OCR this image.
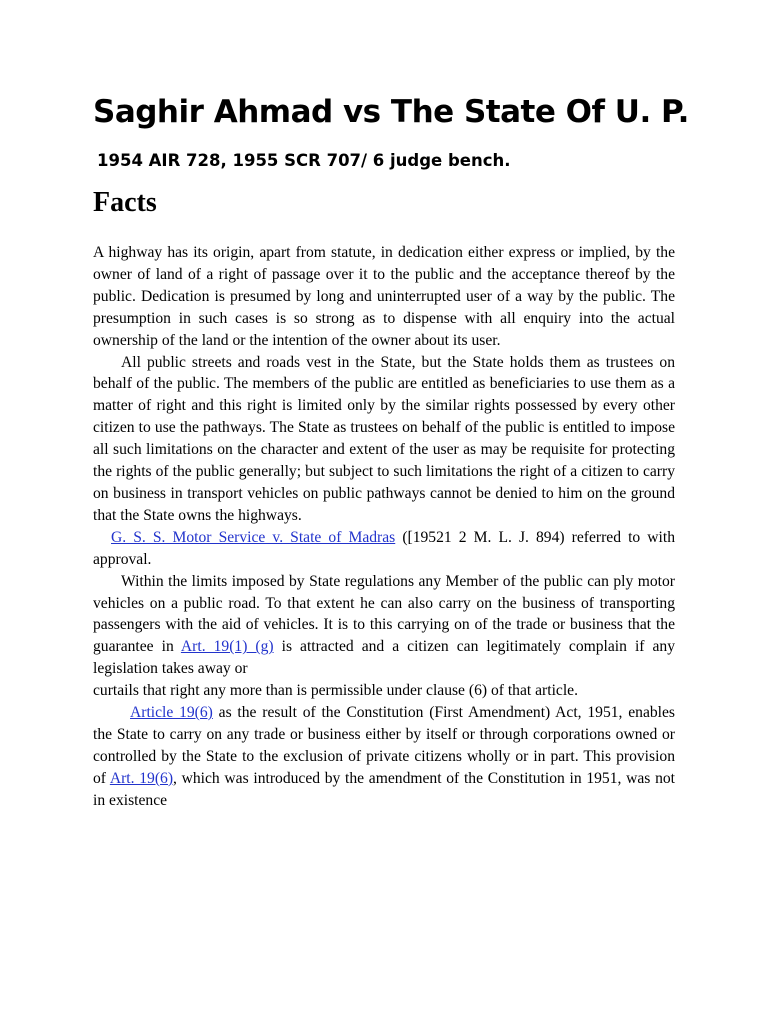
Saghir Ahmad vs The State Of U. P.
1954 AIR 728, 1955 SCR 707/ 6 judge bench.
Facts

A highway has its origin, apart from statute, in dedication either express or implied, by the owner of land of a right of passage over it to the public and the acceptance thereof by the public. Dedication is presumed by long and uninterrupted user of a way by the public. The presumption in such cases is so strong as to dispense with all enquiry into the actual ownership of the land or the intention of the owner about its user.

All public streets and roads vest in the State, but the State holds them as trustees on behalf of the public. The members of the public are entitled as beneficiaries to use them as a matter of right and this right is limited only by the similar rights possessed by every other citizen to use the pathways. The State as trustees on behalf of the public is entitled to impose all such limitations on the character and extent of the user as may be requisite for protecting the rights of the public generally; but subject to such limitations the right of a citizen to carry on business in transport vehicles on public pathways cannot be denied to him on the ground that the State owns the highways.

G. S. S. Motor Service v. State of Madras ([19521 2 M. L. J. 894) referred to with approval.

Within the limits imposed by State regulations any Member of the public can ply motor vehicles on a public road. To that extent he can also carry on the business of transporting passengers with the aid of vehicles. It is to this carrying on of the trade or business that the guarantee in Art. 19(1) (g) is attracted and a citizen can legitimately complain if any legislation takes away or

curtails that right any more than is permissible under clause (6) of that article.

Article 19(6) as the result of the Constitution (First Amendment) Act, 1951, enables the State to carry on any trade or business either by itself or through corporations owned or controlled by the State to the exclusion of private citizens wholly or in part. This provision of Art. 19(6), which was introduced by the amendment of the Constitution in 1951, was not in existence
